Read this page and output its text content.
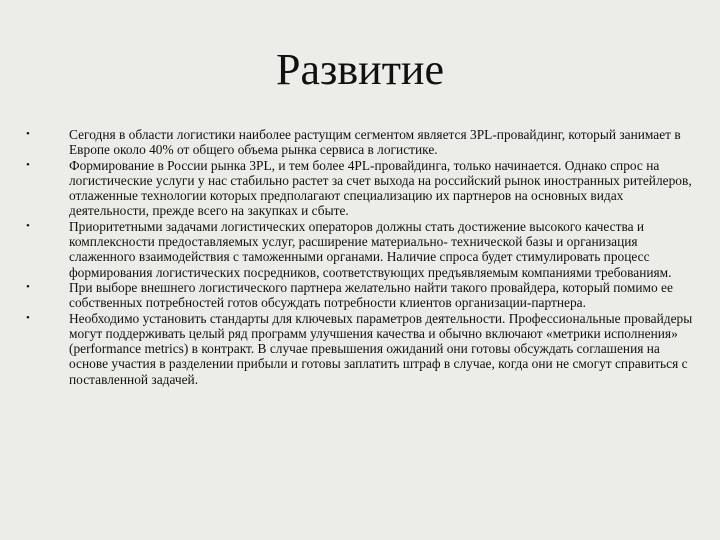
Развитие
•	Сегодня в области логистики наиболее растущим сегментом является 3PL-провайдинг, который занимает в Европе около 40% от общего объема рынка сервиса в логистике.
•	Формирование в России рынка 3PL, и тем более 4PL-провайдинга, только начинается. Однако спрос на логистические услуги у нас стабильно растет за счет выхода на российский рынок иностранных ритейлеров, отлаженные технологии которых предполагают специализацию их партнеров на основных видах деятельности, прежде всего на закупках и сбыте.
•	Приоритетными задачами логистических операторов должны стать достижение высокого качества и комплексности предоставляемых услуг, расширение материально- технической базы и организация слаженного взаимодействия с таможенными органами. Наличие спроса будет стимулировать процесс формирования логистических посредников, соответствующих предъявляемым компаниями требованиям.
•	При выборе внешнего логистического партнера желательно найти такого провайдера, который помимо ее собственных потребностей готов обсуждать потребности клиентов организации-партнера.
•	Необходимо установить стандарты для ключевых параметров деятельности. Профессиональные провайдеры могут поддерживать целый ряд программ улучшения качества и обычно включают «метрики исполнения» (performance metrics) в контракт. В случае превышения ожиданий они готовы обсуждать соглашения на основе участия в разделении прибыли и готовы заплатить штраф в случае, когда они не смогут справиться с поставленной задачей.
